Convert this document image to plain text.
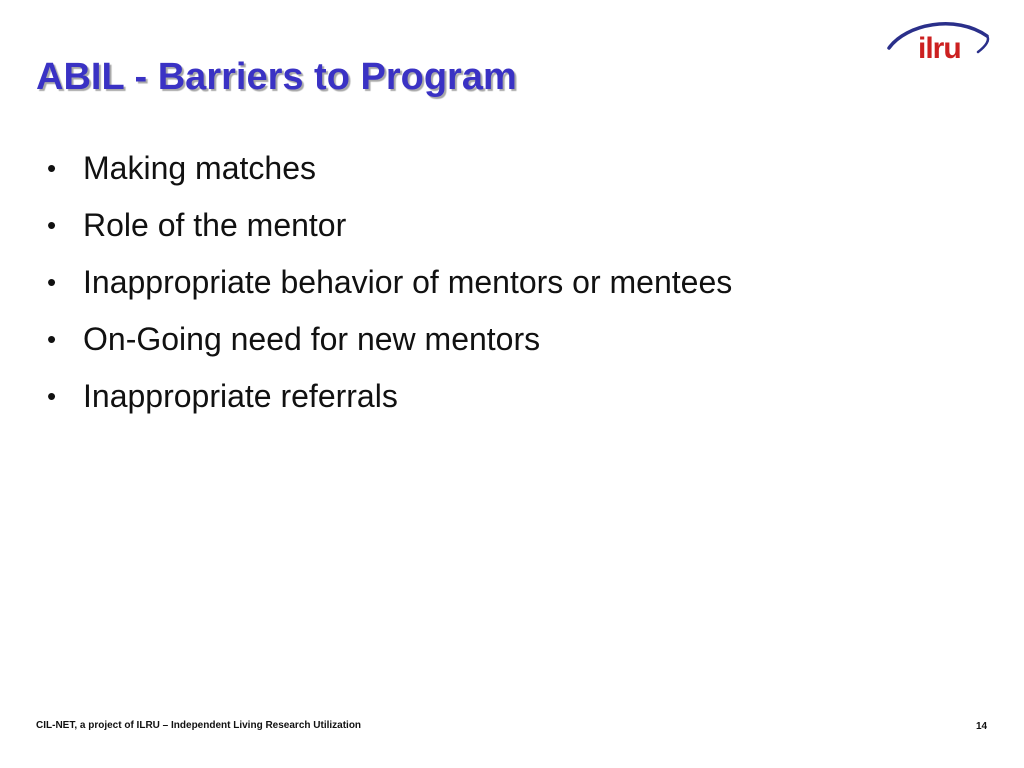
ABIL - Barriers to Program
ilru
• Making matches
• Role of the mentor
• Inappropriate behavior of mentors or mentees
• On-Going need for new mentors
• Inappropriate referrals
CIL-NET, a project of ILRU – Independent Living Research Utilization	14
